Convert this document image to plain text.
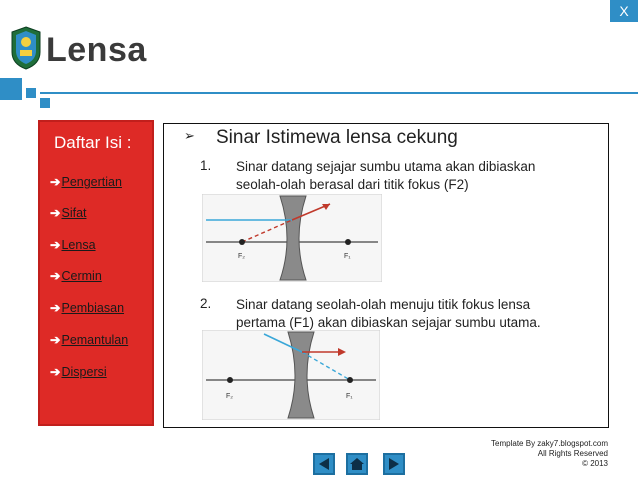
X
Lensa
Daftar Isi :
➔Pengertian
➔Sifat
➔Lensa
➔Cermin
➔Pembiasan
➔Pemantulan
➔Dispersi
➢ Sinar Istimewa lensa cekung
1. Sinar datang sejajar sumbu utama akan dibiaskan
seolah-olah berasal dari titik fokus (F2)
F₂	F₁
2. Sinar datang seolah-olah menuju titik fokus lensa
pertama (F1) akan dibiaskan sejajar sumbu utama.
F₂	F₁
Template By zaky7.blogspot.com
All Rights Reserved
© 2013
